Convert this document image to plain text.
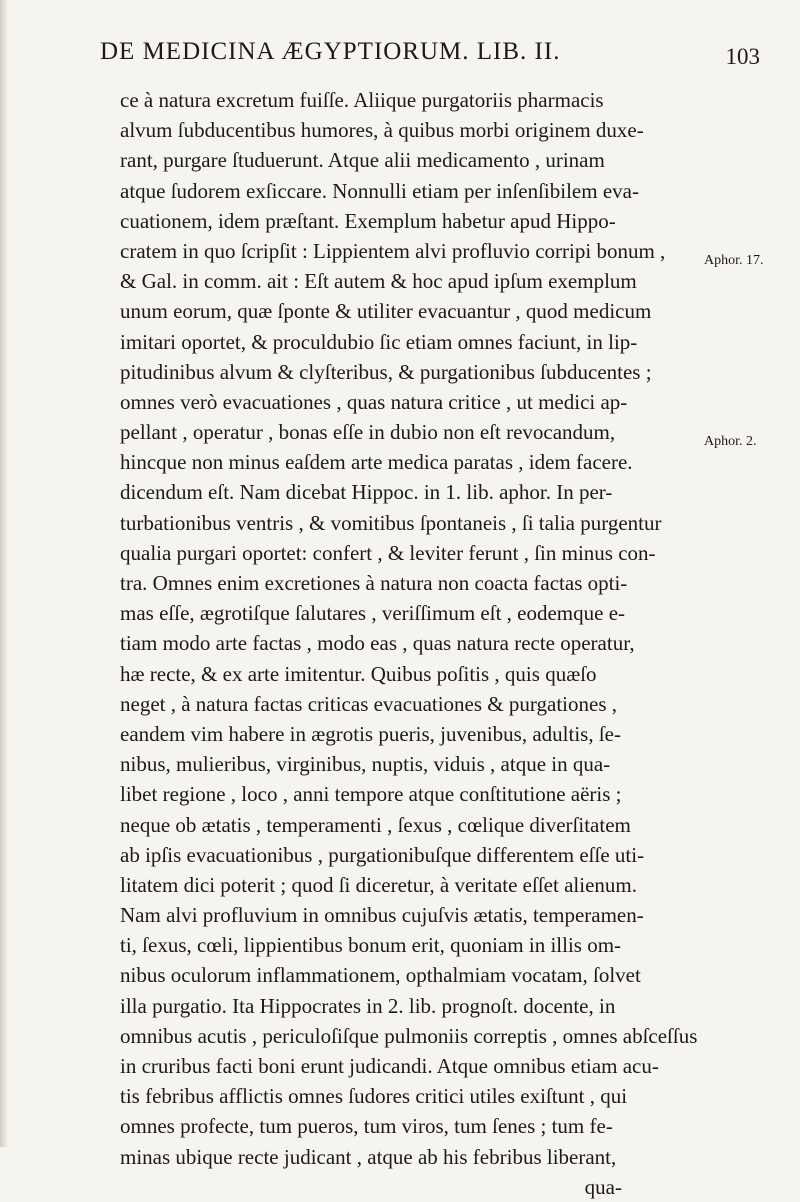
DE MEDICINA ÆGYPTIORUM. LIB. II.	103
Aphor. 17.
Aphor. 2.
ce à natura excretum fuiſſe. Aliique purgatoriis pharmacis
alvum ſubducentibus humores, à quibus morbi originem duxe-
rant, purgare ſtuduerunt. Atque alii medicamento , urinam
atque ſudorem exſiccare. Nonnulli etiam per inſenſibilem eva-
cuationem, idem præſtant. Exemplum habetur apud Hippo-
cratem in quo ſcripſit : Lippientem alvi profluvio corripi bonum ,
& Gal. in comm. ait : Eſt autem & hoc apud ipſum exemplum
unum eorum, quæ ſponte & utiliter evacuantur , quod medicum
imitari oportet, & proculdubio ſic etiam omnes faciunt, in lip-
pitudinibus alvum & clyſteribus, & purgationibus ſubducentes ;
omnes verò evacuationes , quas natura critice , ut medici ap-
pellant , operatur , bonas eſſe in dubio non eſt revocandum,
hincque non minus eaſdem arte medica paratas , idem facere.
dicendum eſt. Nam dicebat Hippoc. in 1. lib. aphor. In per-
turbationibus ventris , & vomitibus ſpontaneis , ſi talia purgentur
qualia purgari oportet: confert , & leviter ferunt , ſin minus con-
tra. Omnes enim excretiones à natura non coacta factas opti-
mas eſſe, ægrotiſque ſalutares , veriſſimum eſt , eodemque e-
tiam modo arte factas , modo eas , quas natura recte operatur,
hæ recte, & ex arte imitentur. Quibus poſitis , quis quæſo
neget , à natura factas criticas evacuationes & purgationes ,
eandem vim habere in ægrotis pueris, juvenibus, adultis, ſe-
nibus, mulieribus, virginibus, nuptis, viduis , atque in qua-
libet regione , loco , anni tempore atque conſtitutione aëris ;
neque ob ætatis , temperamenti , ſexus , cœlique diverſitatem
ab ipſis evacuationibus , purgationibuſque differentem eſſe uti-
litatem dici poterit ; quod ſi diceretur, à veritate eſſet alienum.
Nam alvi profluvium in omnibus cujuſvis ætatis, temperamen-
ti, ſexus, cœli, lippientibus bonum erit, quoniam in illis om-
nibus oculorum inflammationem, opthalmiam vocatam, ſolvet
illa purgatio. Ita Hippocrates in 2. lib. prognoſt. docente, in
omnibus acutis , periculoſiſque pulmoniis correptis , omnes abſceſſus
in cruribus facti boni erunt judicandi. Atque omnibus etiam acu-
tis febribus afflictis omnes ſudores critici utiles exiſtunt , qui
omnes profecte, tum pueros, tum viros, tum ſenes ; tum fe-
minas ubique recte judicant , atque ab his febribus liberant,
qua-
